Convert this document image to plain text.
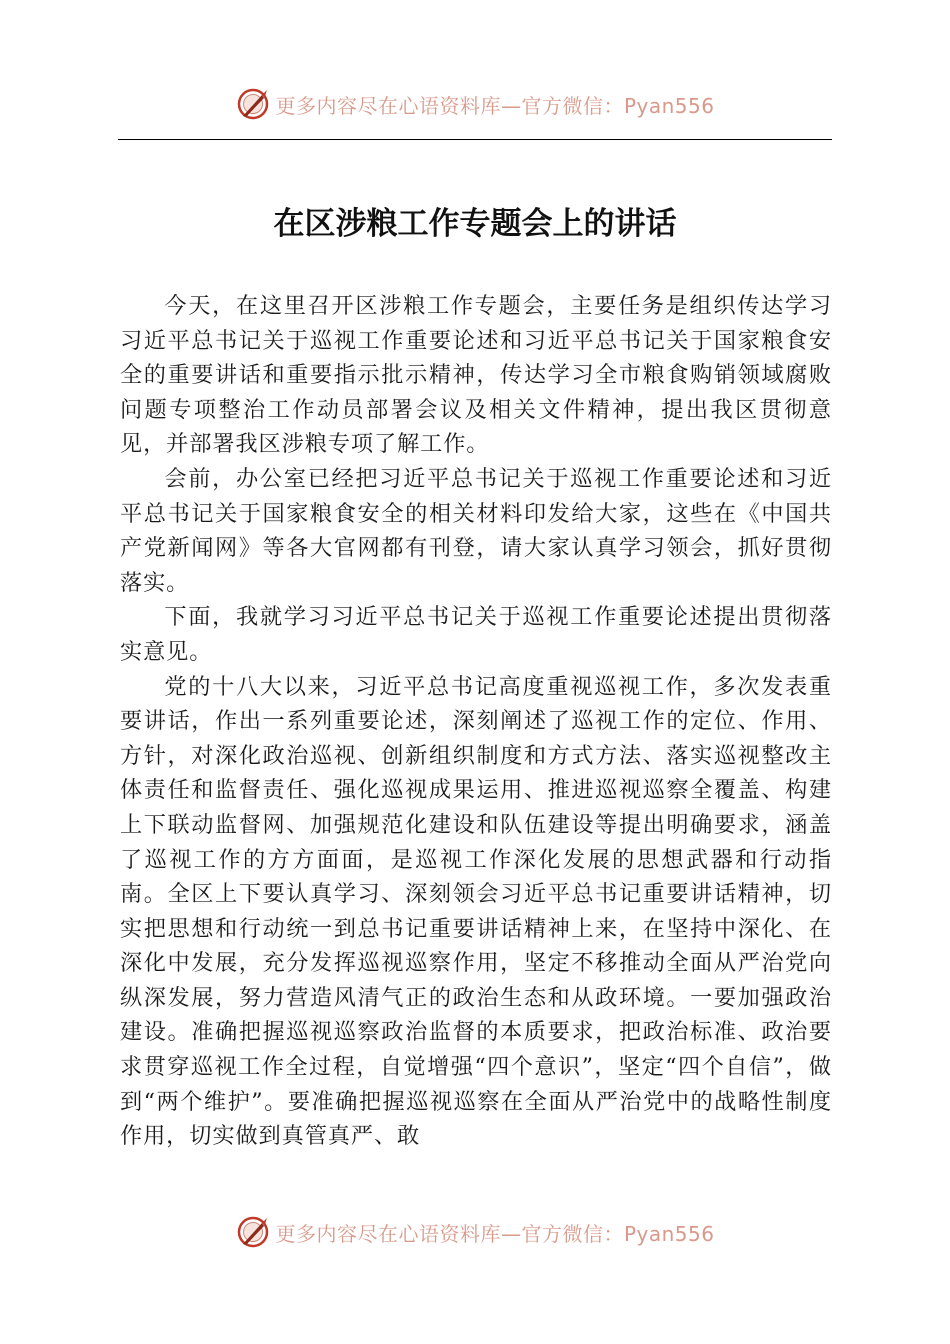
更多内容尽在心语资料库—官方微信：Pyan556
在区涉粮工作专题会上的讲话

今天，在这里召开区涉粮工作专题会，主要任务是组织传达学习习近平总书记关于巡视工作重要论述和习近平总书记关于国家粮食安全的重要讲话和重要指示批示精神，传达学习全市粮食购销领域腐败问题专项整治工作动员部署会议及相关文件精神，提出我区贯彻意见，并部署我区涉粮专项了解工作。

会前，办公室已经把习近平总书记关于巡视工作重要论述和习近平总书记关于国家粮食安全的相关材料印发给大家，这些在《中国共产党新闻网》等各大官网都有刊登，请大家认真学习领会，抓好贯彻落实。

下面，我就学习习近平总书记关于巡视工作重要论述提出贯彻落实意见。

党的十八大以来，习近平总书记高度重视巡视工作，多次发表重要讲话，作出一系列重要论述，深刻阐述了巡视工作的定位、作用、方针，对深化政治巡视、创新组织制度和方式方法、落实巡视整改主体责任和监督责任、强化巡视成果运用、推进巡视巡察全覆盖、构建上下联动监督网、加强规范化建设和队伍建设等提出明确要求，涵盖了巡视工作的方方面面，是巡视工作深化发展的思想武器和行动指南。全区上下要认真学习、深刻领会习近平总书记重要讲话精神，切实把思想和行动统一到总书记重要讲话精神上来，在坚持中深化、在深化中发展，充分发挥巡视巡察作用，坚定不移推动全面从严治党向纵深发展，努力营造风清气正的政治生态和从政环境。一要加强政治建设。准确把握巡视巡察政治监督的本质要求，把政治标准、政治要求贯穿巡视工作全过程，自觉增强“四个意识”，坚定“四个自信”，做到“两个维护”。要准确把握巡视巡察在全面从严治党中的战略性制度作用，切实做到真管真严、敢

更多内容尽在心语资料库—官方微信：Pyan556
